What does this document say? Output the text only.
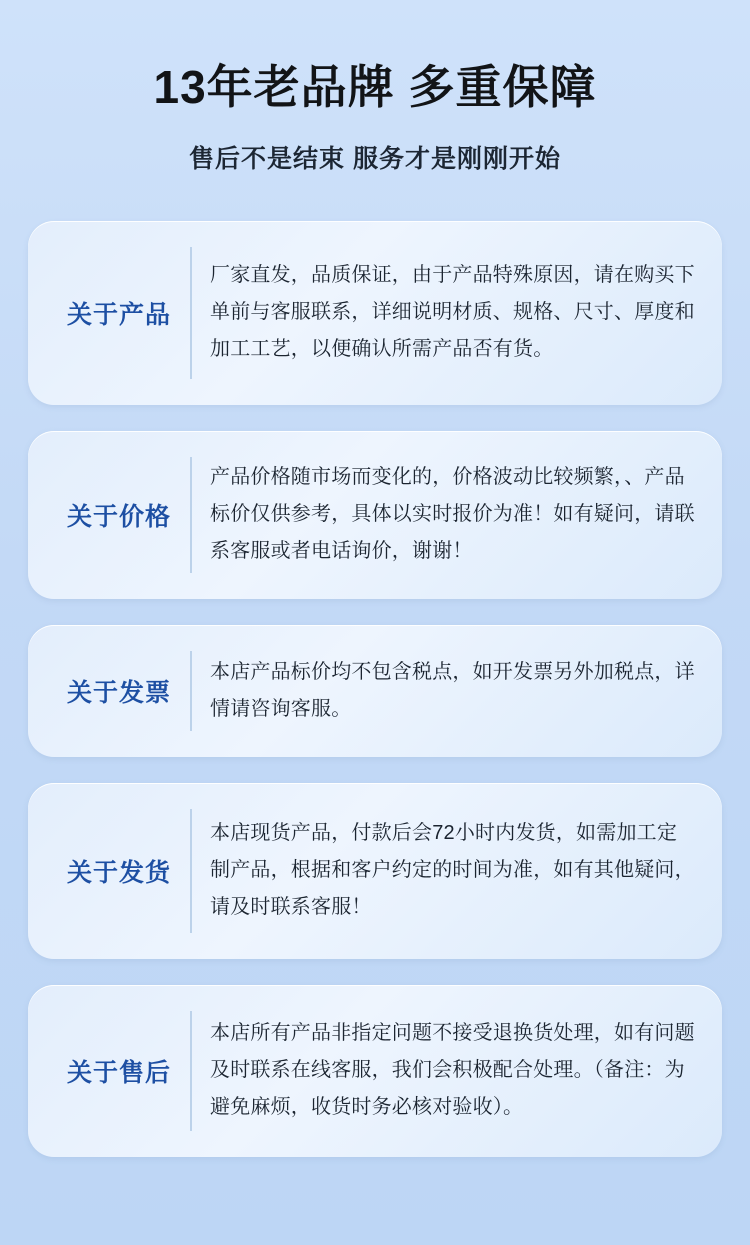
13年老品牌 多重保障
售后不是结束 服务才是刚刚开始
关于产品
厂家直发，品质保证，由于产品特殊原因，请在购买下单前与客服联系，详细说明材质、规格、尺寸、厚度和加工工艺，以便确认所需产品否有货。
关于价格
产品价格随市场而变化的，价格波动比较频繁，、产品标价仅供参考，具体以实时报价为准！如有疑问，请联系客服或者电话询价，谢谢！
关于发票
本店产品标价均不包含税点，如开发票另外加税点，详情请咨询客服。
关于发货
本店现货产品，付款后会72小时内发货，如需加工定制产品，根据和客户约定的时间为准，如有其他疑问，请及时联系客服！
关于售后
本店所有产品非指定问题不接受退换货处理，如有问题及时联系在线客服，我们会积极配合处理。（备注：为避免麻烦，收货时务必核对验收）。
